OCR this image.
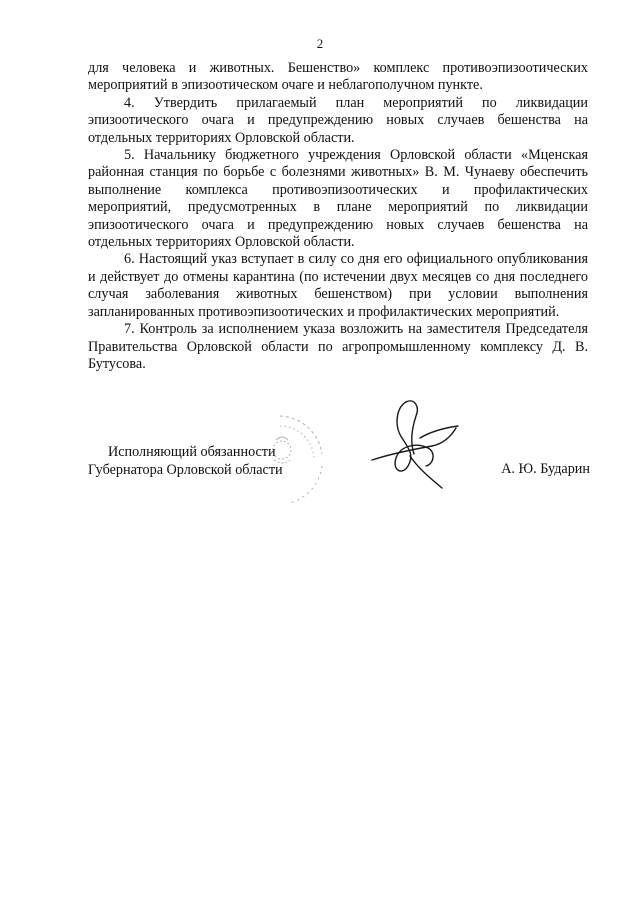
2

для человека и животных. Бешенство» комплекс противоэпизоотических мероприятий в эпизоотическом очаге и неблагополучном пункте.

4. Утвердить прилагаемый план мероприятий по ликвидации эпизоотического очага и предупреждению новых случаев бешенства на отдельных территориях Орловской области.

5. Начальнику бюджетного учреждения Орловской области «Мценская районная станция по борьбе с болезнями животных» В. М. Чунаеву обеспечить выполнение комплекса противоэпизоотических и профилактических мероприятий, предусмотренных в плане мероприятий по ликвидации эпизоотического очага и предупреждению новых случаев бешенства на отдельных территориях Орловской области.

6. Настоящий указ вступает в силу со дня его официального опубликования и действует до отмены карантина (по истечении двух месяцев со дня последнего случая заболевания животных бешенством) при условии выполнения запланированных противоэпизоотических и профилактических мероприятий.

7. Контроль за исполнением указа возложить на заместителя Председателя Правительства Орловской области по агропромышленному комплексу Д. В. Бутусова.

Исполняющий обязанности
Губернатора Орловской области	А. Ю. Бударин
